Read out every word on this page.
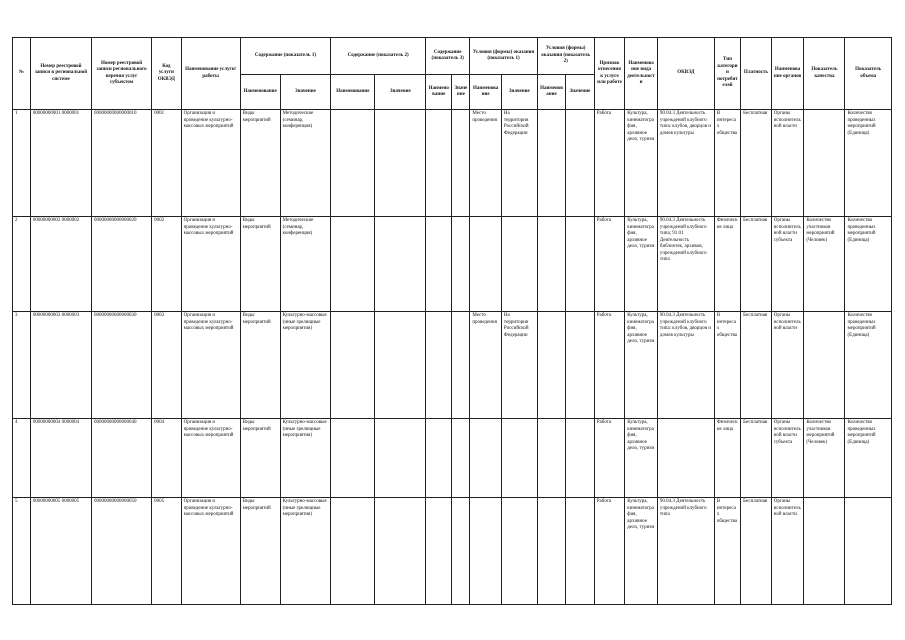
№	Номер реестровой записи в региональной системе	Номер реестровой записи регионального перечня услуг субъектом	Код услуги ОКВЭД	Наименование услуги/работы	Содержание (показатель 1)		Содержание (показатель 2)		Содержание (показатель 3)		Условия (формы) оказания (показатель 1)		Условия (формы) оказания (показатель 2)		Признак отнесения к услуге или работе	Наименование вида деятельности	ОКВЭД	Тип категории потребителей	Платность	Наименование органов	Показатель качества	Показатель объема
					Наименование	Значение	Наименование	Значение	Наименование	Значение	Наименование	Значение	Наименование	Значение								
1	00000000001 0000001	00000000000000010	0001	Организация и проведение культурно-массовых мероприятий	Виды мероприятий	Методические (семинар, конференция)					Место проведения	На территории Российской Федерации			Работа	Культура, кинематография, архивное дело, туризм	90.04.3 Деятельность учреждений клубного типа: клубов, дворцов и домов культуры	В интересах общества	Бесплатная	Органы исполнительной власти		Количество проведенных мероприятий (Единица)
2	00000000002 0000002	00000000000000020	0002	Организация и проведение культурно-массовых мероприятий	Виды мероприятий	Методические (семинар, конференция)									Работа	Культура, кинематография, архивное дело, туризм	90.04.3 Деятельность учреждений клубного типа; 91.01 Деятельность библиотек, архивов, учреждений клубного типа	Физические лица	Бесплатная	Органы исполнительной власти субъекта	Количество участников мероприятий (Человек)	Количество проведенных мероприятий (Единица)
3	00000000003 0000003	00000000000000030	0003	Организация и проведение культурно-массовых мероприятий	Виды мероприятий	Культурно-массовые (иные зрелищные мероприятия)					Место проведения	На территории Российской Федерации			Работа	Культура, кинематография, архивное дело, туризм	90.04.3 Деятельность учреждений клубного типа: клубов, дворцов и домов культуры	В интересах общества	Бесплатная	Органы исполнительной власти		Количество проведенных мероприятий (Единица)
4	00000000004 0000004	00000000000000040	0004	Организация и проведение культурно-массовых мероприятий	Виды мероприятий	Культурно-массовые (иные зрелищные мероприятия)									Работа	Культура, кинематография, архивное дело, туризм		Физические лица	Бесплатная	Органы исполнительной власти субъекта	Количество участников мероприятий (Человек)	Количество проведенных мероприятий (Единица)
5	00000000005 0000005	00000000000000050	0005	Организация и проведение культурно-массовых мероприятий	Виды мероприятий	Культурно-массовые (иные зрелищные мероприятия)									Работа	Культура, кинематография, архивное дело, туризм	90.04.3 Деятельность учреждений клубного типа	В интересах общества	Бесплатная	Органы исполнительной власти		
